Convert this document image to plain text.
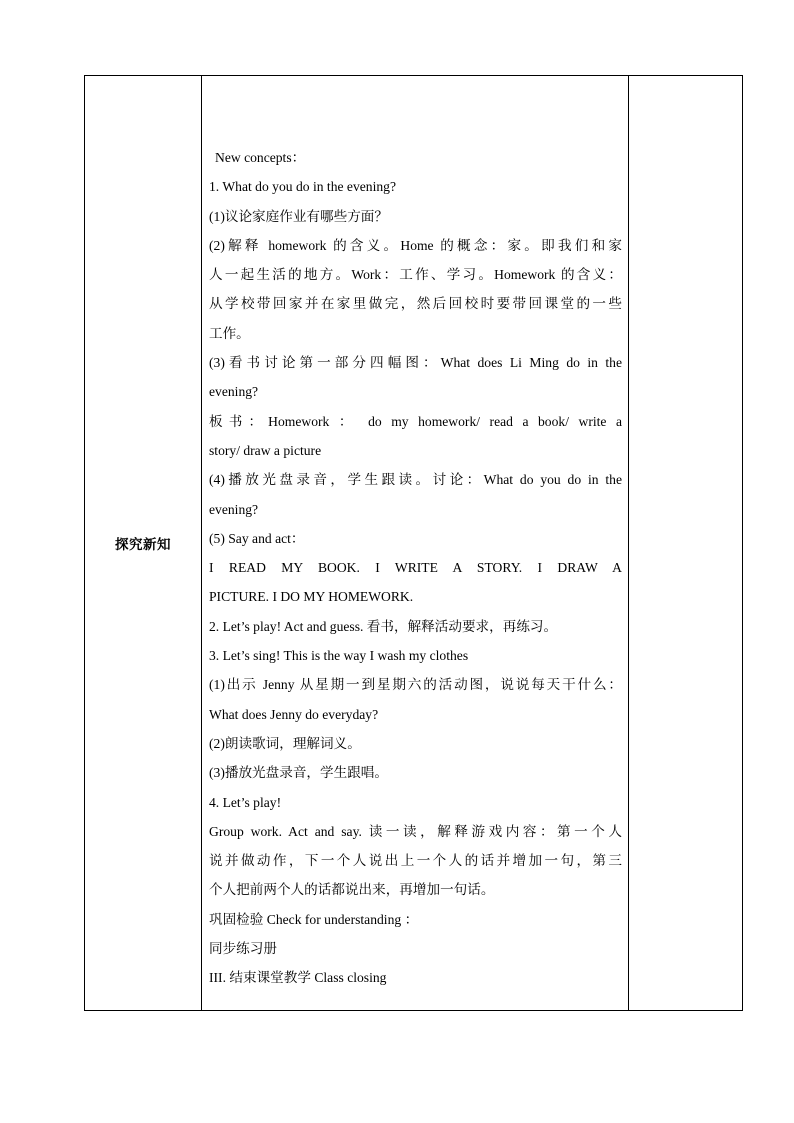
探究新知	
New concepts：
1. What do you do in the evening?
(1)议论家庭作业有哪些方面？
(2)解释 homework 的含义。Home 的概念：家。即我们和家
人一起生活的地方。Work：工作、学习。Homework 的含义：
从学校带回家并在家里做完，然后回校时要带回课堂的一些
工作。
(3)看书讨论第一部分四幅图：What does Li Ming do in the
evening?
板书：Homework ： do my homework/ read a book/ write a
story/ draw a picture
(4)播放光盘录音，学生跟读。讨论：What do you do in the
evening?
(5) Say and act：
I READ MY BOOK. I WRITE A STORY. I DRAW A
PICTURE. I DO MY HOMEWORK.
2. Let’s play! Act and guess. 看书，解释活动要求，再练习。
3. Let’s sing! This is the way I wash my clothes
(1)出示 Jenny 从星期一到星期六的活动图，说说每天干什么：
What does Jenny do everyday?
(2)朗读歌词，理解词义。
(3)播放光盘录音，学生跟唱。
4. Let’s play!
Group work. Act and say. 读一读，解释游戏内容：第一个人
说并做动作，下一个人说出上一个人的话并增加一句，第三
个人把前两个人的话都说出来，再增加一句话。
巩固检验 Check for understanding ：
同步练习册
III. 结束课堂教学 Class closing
